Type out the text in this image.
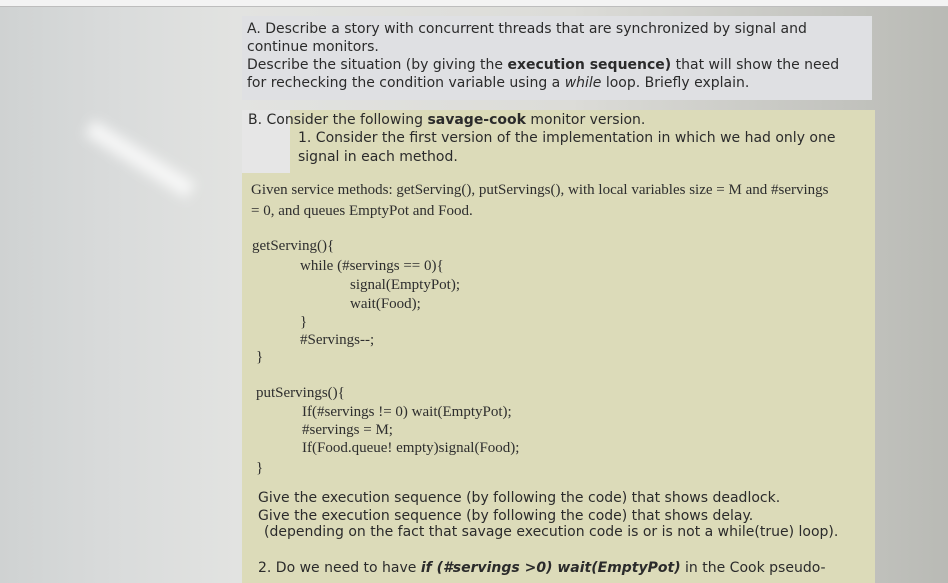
A. Describe a story with concurrent threads that are synchronized by signal and
continue monitors.
Describe the situation (by giving the execution sequence) that will show the need
for rechecking the condition variable using a while loop. Briefly explain.
B. Consider the following savage-cook monitor version.
1. Consider the first version of the implementation in which we had only one
signal in each method.
Given service methods: getServing(), putServings(), with local variables size = M and #servings
= 0, and queues EmptyPot and Food.
getServing(){
while (#servings == 0){
signal(EmptyPot);
wait(Food);
}
#Servings--;
}
putServings(){
If(#servings != 0) wait(EmptyPot);
#servings = M;
If(Food.queue! empty)signal(Food);
}
Give the execution sequence (by following the code) that shows deadlock.
Give the execution sequence (by following the code) that shows delay.
(depending on the fact that savage execution code is or is not a while(true) loop).
2. Do we need to have if (#servings >0) wait(EmptyPot) in the Cook pseudo-
